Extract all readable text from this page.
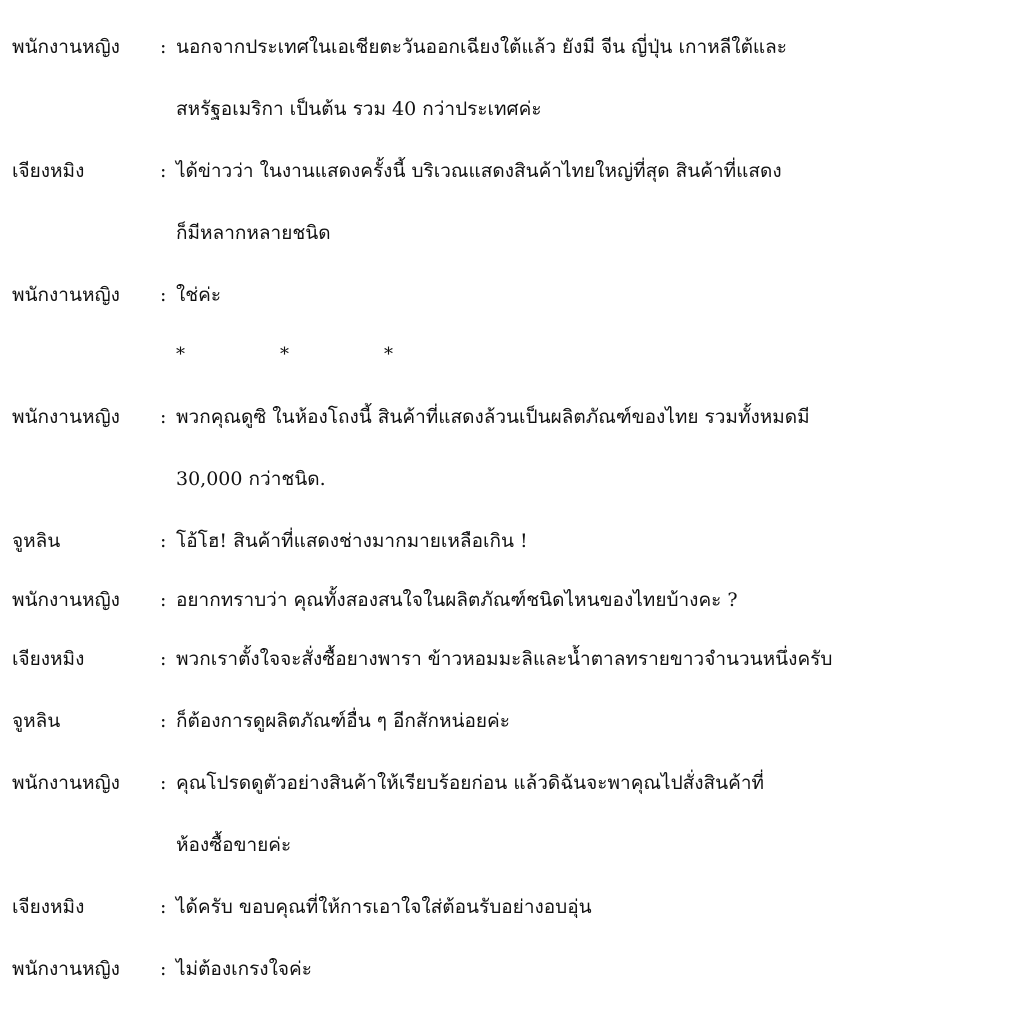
พนักงานหญิง : นอกจากประเทศในเอเชียตะวันออกเฉียงใต้แล้ว ยังมี จีน ญี่ปุ่น เกาหลีใต้และ
สหรัฐอเมริกา เป็นต้น รวม 40 กว่าประเทศค่ะ
เจียงหมิง	: ได้ข่าวว่า ในงานแสดงครั้งนี้ บริเวณแสดงสินค้าไทยใหญ่ที่สุด สินค้าที่แสดง
ก็มีหลากหลายชนิด
พนักงานหญิง : ใช่ค่ะ
*	*	*
พนักงานหญิง : พวกคุณดูซิ ในห้องโถงนี้ สินค้าที่แสดงล้วนเป็นผลิตภัณฑ์ของไทย รวมทั้งหมดมี
30,000 กว่าชนิด.
จูหลิน	: โอ้โฮ! สินค้าที่แสดงช่างมากมายเหลือเกิน !
พนักงานหญิง : อยากทราบว่า คุณทั้งสองสนใจในผลิตภัณฑ์ชนิดไหนของไทยบ้างคะ ?
เจียงหมิง	: พวกเราตั้งใจจะสั่งซื้อยางพารา ข้าวหอมมะลิและน้ำตาลทรายขาวจำนวนหนึ่งครับ
จูหลิน	: ก็ต้องการดูผลิตภัณฑ์อื่น ๆ อีกสักหน่อยค่ะ
พนักงานหญิง : คุณโปรดดูตัวอย่างสินค้าให้เรียบร้อยก่อน แล้วดิฉันจะพาคุณไปสั่งสินค้าที่
ห้องซื้อขายค่ะ
เจียงหมิง	: ได้ครับ ขอบคุณที่ให้การเอาใจใส่ต้อนรับอย่างอบอุ่น
พนักงานหญิง : ไม่ต้องเกรงใจค่ะ
